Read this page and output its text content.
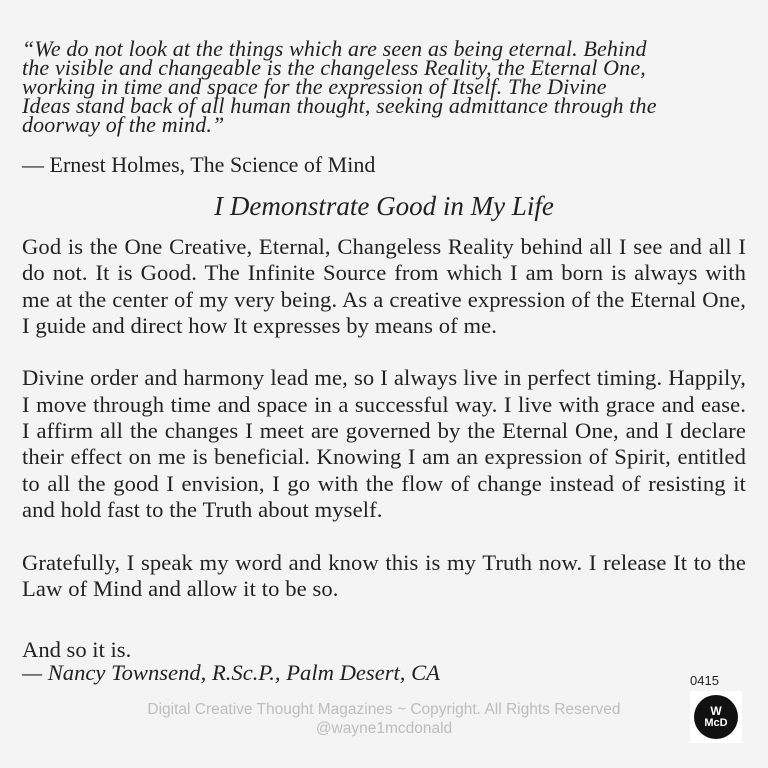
“We do not look at the things which are seen as being eternal. Behind
the visible and changeable is the changeless Reality, the Eternal One,
working in time and space for the expression of Itself. The Divine
Ideas stand back of all human thought, seeking admittance through the
doorway of the mind.”
— Ernest Holmes, The Science of Mind
I Demonstrate Good in My Life

God is the One Creative, Eternal, Changeless Reality behind all I see and all I do not. It is Good. The Infinite Source from which I am born is always with me at the center of my very being. As a creative expression of the Eternal One, I guide and direct how It expresses by means of me.

Divine order and harmony lead me, so I always live in perfect timing. Happily, I move through time and space in a successful way. I live with grace and ease. I affirm all the changes I meet are governed by the Eternal One, and I declare their effect on me is beneficial. Knowing I am an expression of Spirit, entitled to all the good I envision, I go with the flow of change instead of resisting it and hold fast to the Truth about myself.

Gratefully, I speak my word and know this is my Truth now. I release It to the Law of Mind and allow it to be so.

And so it is.
— Nancy Townsend, R.Sc.P., Palm Desert, CA	0415
Digital Creative Thought Magazines ~ Copyright. All Rights Reserved
@wayne1mcdonald
W
McD
